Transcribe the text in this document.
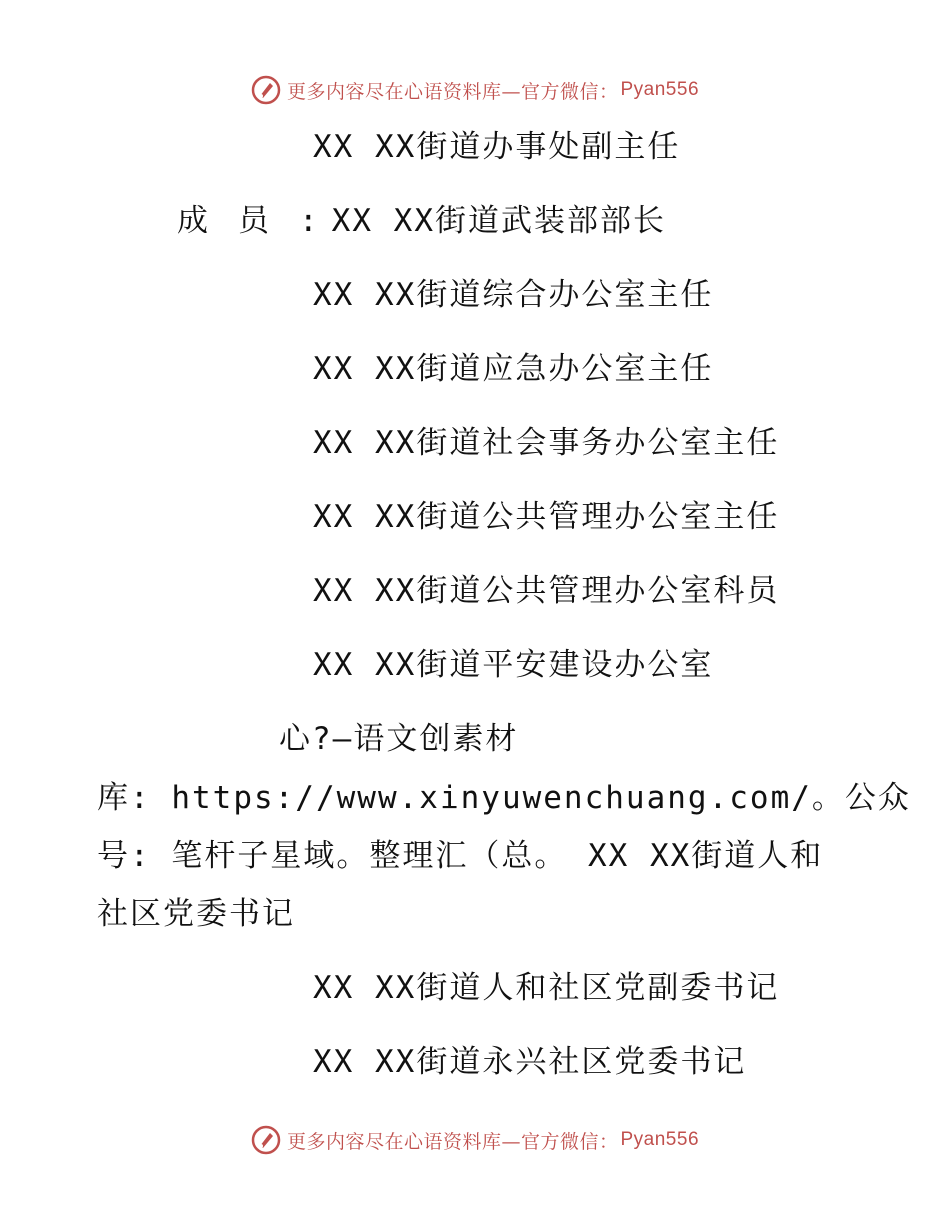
更多内容尽在心语资料库—官方微信： Pyan556
XX XX街道办事处副主任
成员: XX XX街道武装部部长
XX XX街道综合办公室主任
XX XX街道应急办公室主任
XX XX街道社会事务办公室主任
XX XX街道公共管理办公室主任
XX XX街道公共管理办公室科员
XX XX街道平安建设办公室
心?—语文创素材
库: https://www.xinyuwenchuang.com/。公众
号: 笔杆子星域。整理汇（总。 XX XX街道人和
社区党委书记
XX XX街道人和社区党副委书记
XX XX街道永兴社区党委书记
更多内容尽在心语资料库—官方微信： Pyan556
